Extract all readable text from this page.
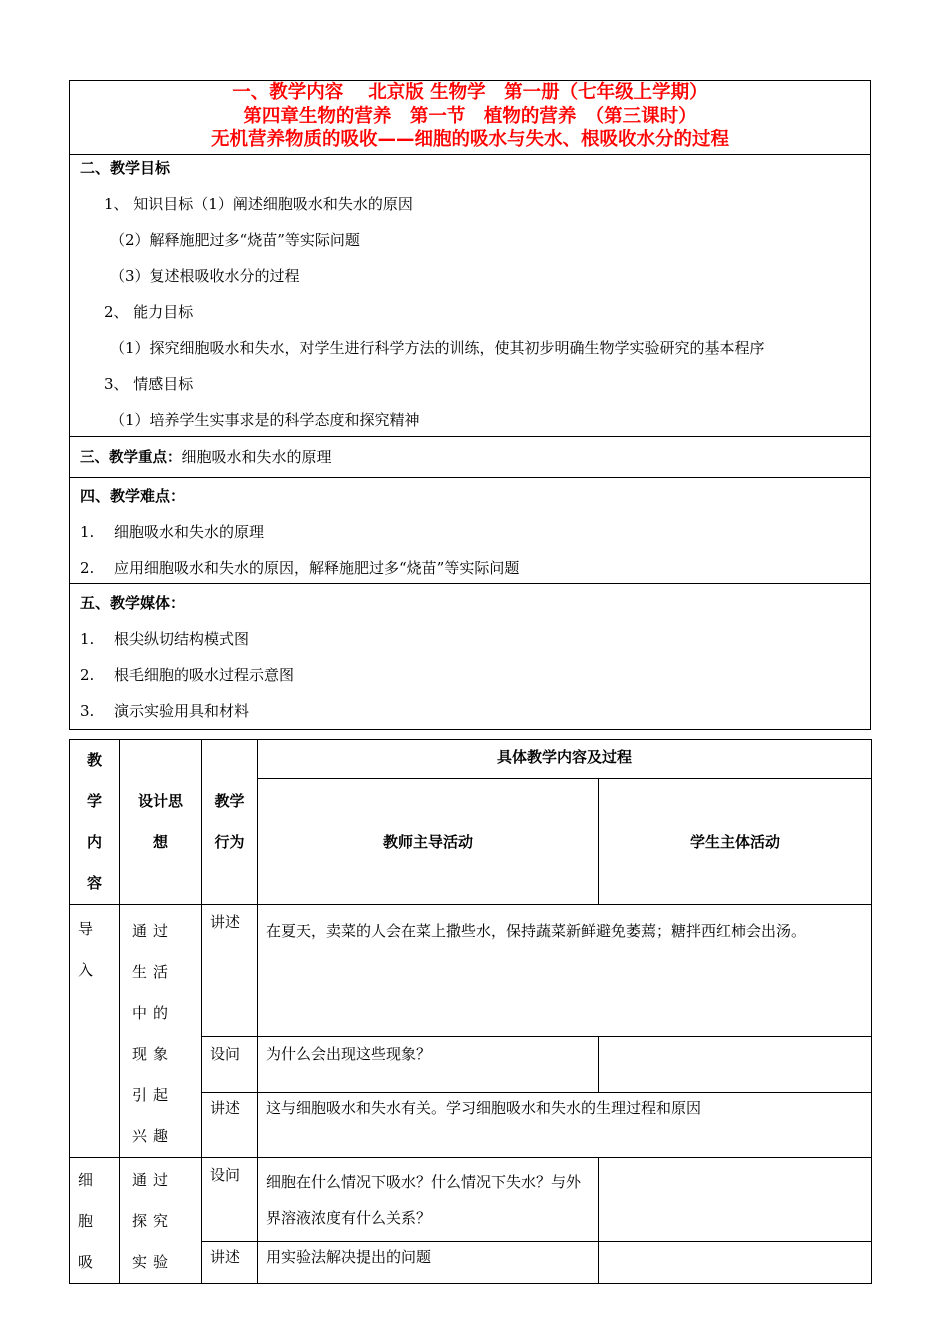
一、教学内容　 北京版 生物学　第一册（七年级上学期）
第四章生物的营养　第一节　植物的营养　（第三课时）
无机营养物质的吸收——细胞的吸水与失水、根吸收水分的过程
二、教学目标
1、 知识目标（1）阐述细胞吸水和失水的原因
（2）解释施肥过多“烧苗”等实际问题
（3）复述根吸收水分的过程
2、 能力目标
（1）探究细胞吸水和失水，对学生进行科学方法的训练，使其初步明确生物学实验研究的基本程序
3、 情感目标
（1）培养学生实事求是的科学态度和探究精神
三、教学重点：细胞吸水和失水的原理
四、教学难点：
1. 细胞吸水和失水的原理
2. 应用细胞吸水和失水的原因，解释施肥过多“烧苗”等实际问题
五、教学媒体：
1. 根尖纵切结构模式图
2. 根毛细胞的吸水过程示意图
3. 演示实验用具和材料
教
学
内
容	设计思想	教学行为	具体教学内容及过程	
			教师主导活动	学生主体活动

导
入	通过生活中的现象引起兴趣	讲述	在夏天，卖菜的人会在菜上撒些水，保持蔬菜新鲜避免萎蔫；糖拌西红柿会出汤。	
		设问	为什么会出现这些现象？	
		讲述	这与细胞吸水和失水有关。学习细胞吸水和失水的生理过程和原因	

细
胞
吸	通过探究实验	设问	细胞在什么情况下吸水？什么情况下失水？与外界溶液浓度有什么关系？	
		讲述	用实验法解决提出的问题	
